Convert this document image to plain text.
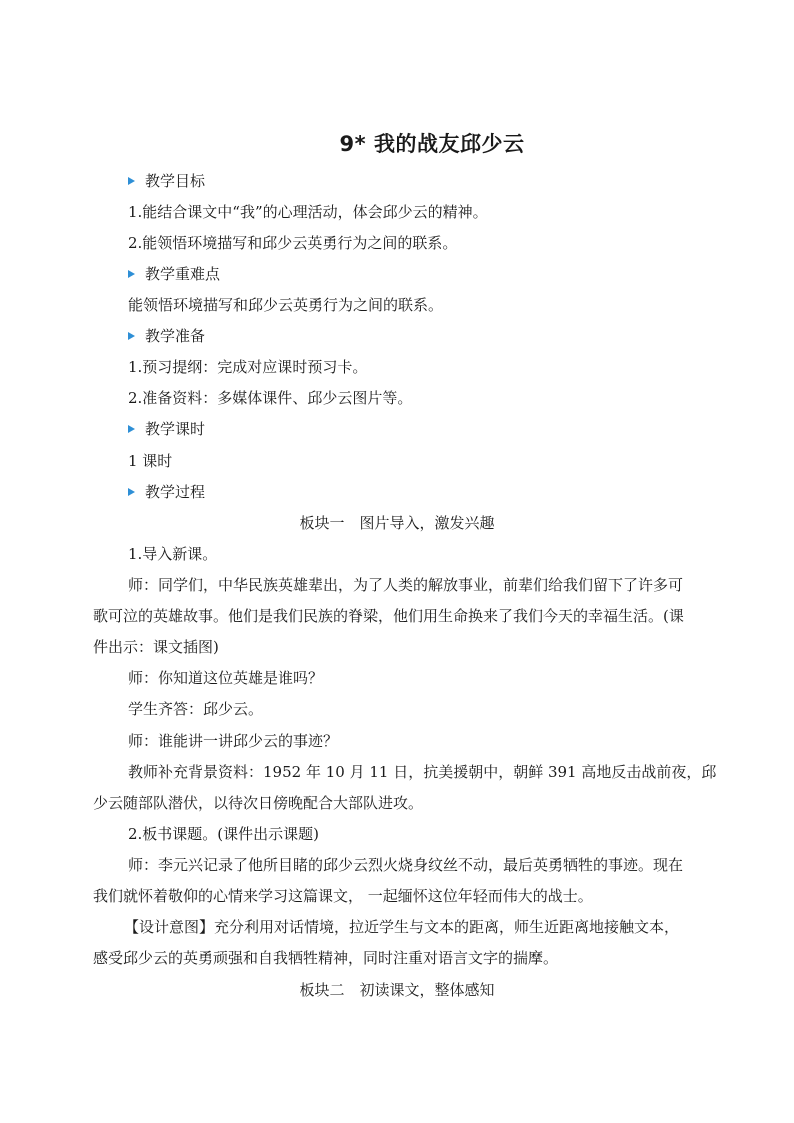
9* 我的战友邱少云
教学目标
1.能结合课文中“我”的心理活动，体会邱少云的精神。
2.能领悟环境描写和邱少云英勇行为之间的联系。
教学重难点
能领悟环境描写和邱少云英勇行为之间的联系。
教学准备
1.预习提纲：完成对应课时预习卡。
2.准备资料：多媒体课件、邱少云图片等。
教学课时
1 课时
教学过程
板块一　图片导入，激发兴趣
1.导入新课。
师：同学们，中华民族英雄辈出，为了人类的解放事业，前辈们给我们留下了许多可
歌可泣的英雄故事。他们是我们民族的脊梁，他们用生命换来了我们今天的幸福生活。(课
件出示：课文插图)
师：你知道这位英雄是谁吗？
学生齐答：邱少云。
师：谁能讲一讲邱少云的事迹？
教师补充背景资料：1952 年 10 月 11 日，抗美援朝中，朝鲜 391 高地反击战前夜，邱
少云随部队潜伏，以待次日傍晚配合大部队进攻。
2.板书课题。(课件出示课题)
师：李元兴记录了他所目睹的邱少云烈火烧身纹丝不动，最后英勇牺牲的事迹。现在
我们就怀着敬仰的心情来学习这篇课文， 一起缅怀这位年轻而伟大的战士。
【设计意图】充分利用对话情境，拉近学生与文本的距离，师生近距离地接触文本，
感受邱少云的英勇顽强和自我牺牲精神，同时注重对语言文字的揣摩。
板块二　初读课文，整体感知
